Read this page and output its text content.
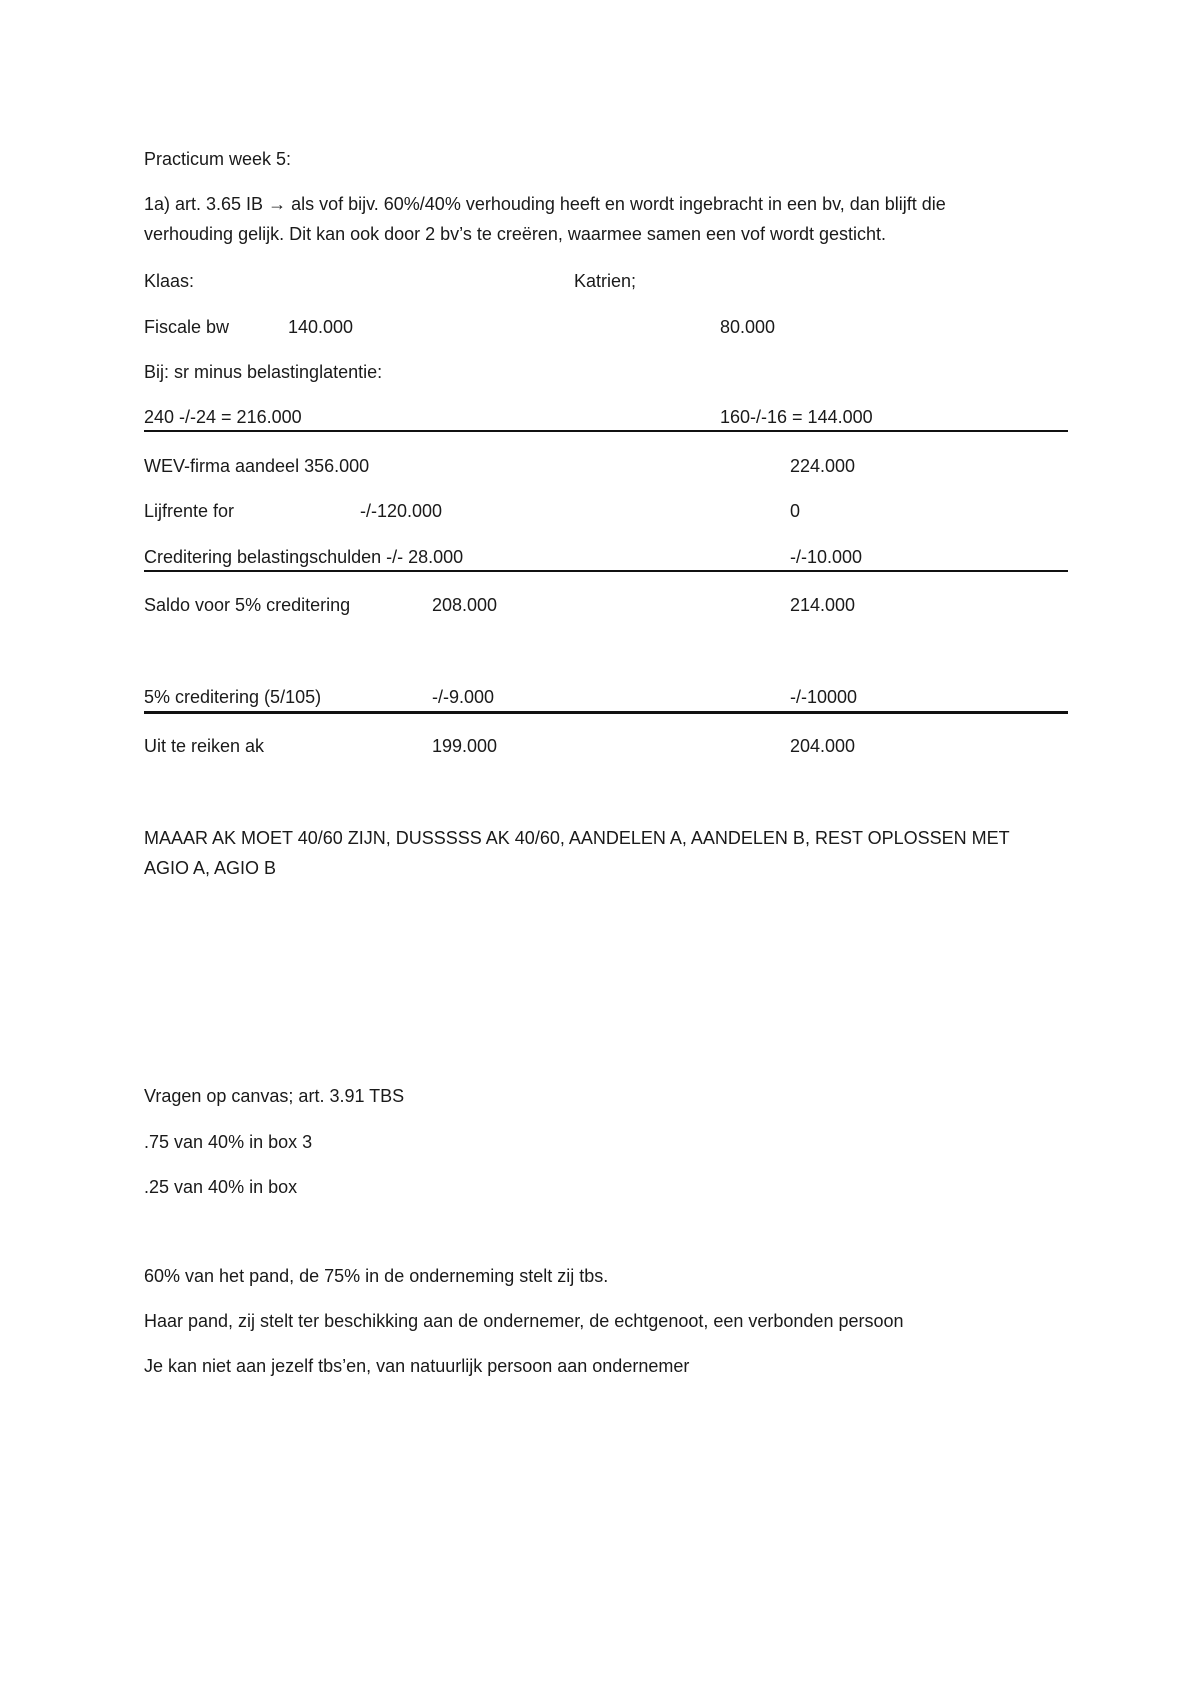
Practicum week 5:
1a) art. 3.65 IB → als vof bijv. 60%/40% verhouding heeft en wordt ingebracht in een bv, dan blijft die
verhouding gelijk. Dit kan ook door 2 bv’s te creëren, waarmee samen een vof wordt gesticht.
Klaas:	Katrien;
Fiscale bw	140.000	80.000
Bij: sr minus belastinglatentie:
240 -/-24 = 216.000	160-/-16 = 144.000
WEV-firma aandeel 356.000	224.000
Lijfrente for	-/-120.000	0
Creditering belastingschulden -/- 28.000	-/-10.000
Saldo voor 5% creditering	208.000	214.000
5% creditering (5/105)	-/-9.000	-/-10000
Uit te reiken ak	199.000	204.000
MAAAR AK MOET 40/60 ZIJN, DUSSSSS AK 40/60, AANDELEN A, AANDELEN B, REST OPLOSSEN MET
AGIO A, AGIO B
Vragen op canvas; art. 3.91 TBS
.75 van 40% in box 3
.25 van 40% in box
60% van het pand, de 75% in de onderneming stelt zij tbs.
Haar pand, zij stelt ter beschikking aan de ondernemer, de echtgenoot, een verbonden persoon
Je kan niet aan jezelf tbs’en, van natuurlijk persoon aan ondernemer
